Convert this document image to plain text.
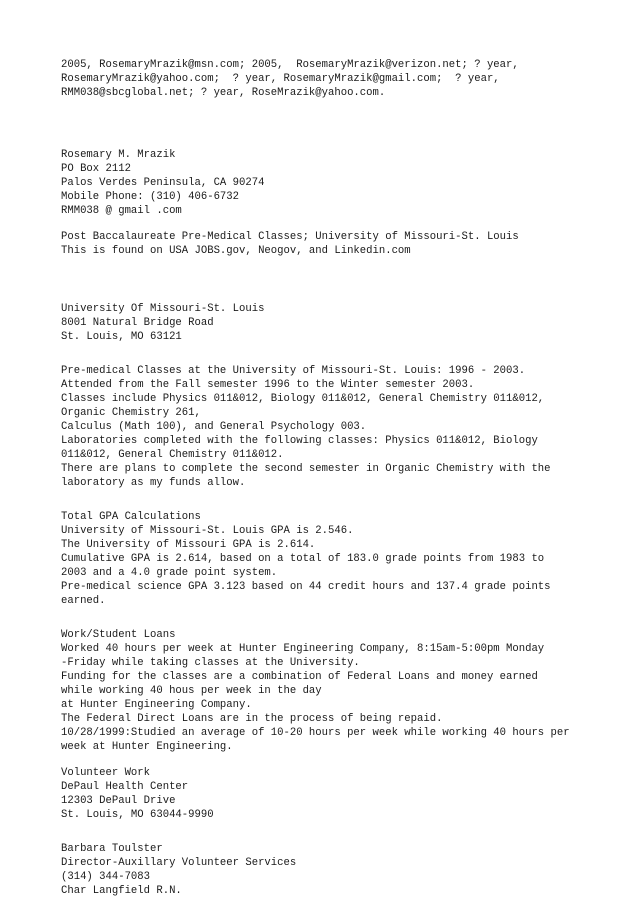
2005, RosemaryMrazik@msn.com; 2005,  RosemaryMrazik@verizon.net; ? year,
RosemaryMrazik@yahoo.com;  ? year, RosemaryMrazik@gmail.com;  ? year,
RMM038@sbcglobal.net; ? year, RoseMrazik@yahoo.com.
Rosemary M. Mrazik
PO Box 2112
Palos Verdes Peninsula, CA 90274
Mobile Phone: (310) 406-6732
RMM038 @ gmail .com
Post Baccalaureate Pre-Medical Classes; University of Missouri-St. Louis
This is found on USA JOBS.gov, Neogov, and Linkedin.com
University Of Missouri-St. Louis
8001 Natural Bridge Road
St. Louis, MO 63121
Pre-medical Classes at the University of Missouri-St. Louis: 1996 - 2003.
Attended from the Fall semester 1996 to the Winter semester 2003.
Classes include Physics 011&012, Biology 011&012, General Chemistry 011&012,
Organic Chemistry 261,
Calculus (Math 100), and General Psychology 003.
Laboratories completed with the following classes: Physics 011&012, Biology
011&012, General Chemistry 011&012.
There are plans to complete the second semester in Organic Chemistry with the
laboratory as my funds allow.
Total GPA Calculations
University of Missouri-St. Louis GPA is 2.546.
The University of Missouri GPA is 2.614.
Cumulative GPA is 2.614, based on a total of 183.0 grade points from 1983 to
2003 and a 4.0 grade point system.
Pre-medical science GPA 3.123 based on 44 credit hours and 137.4 grade points
earned.
Work/Student Loans
Worked 40 hours per week at Hunter Engineering Company, 8:15am-5:00pm Monday
-Friday while taking classes at the University.
Funding for the classes are a combination of Federal Loans and money earned
while working 40 hous per week in the day
at Hunter Engineering Company.
The Federal Direct Loans are in the process of being repaid.
10/28/1999:Studied an average of 10-20 hours per week while working 40 hours per
week at Hunter Engineering.
Volunteer Work
DePaul Health Center
12303 DePaul Drive
St. Louis, MO 63044-9990
Barbara Toulster
Director-Auxillary Volunteer Services
(314) 344-7083
Char Langfield R.N.
